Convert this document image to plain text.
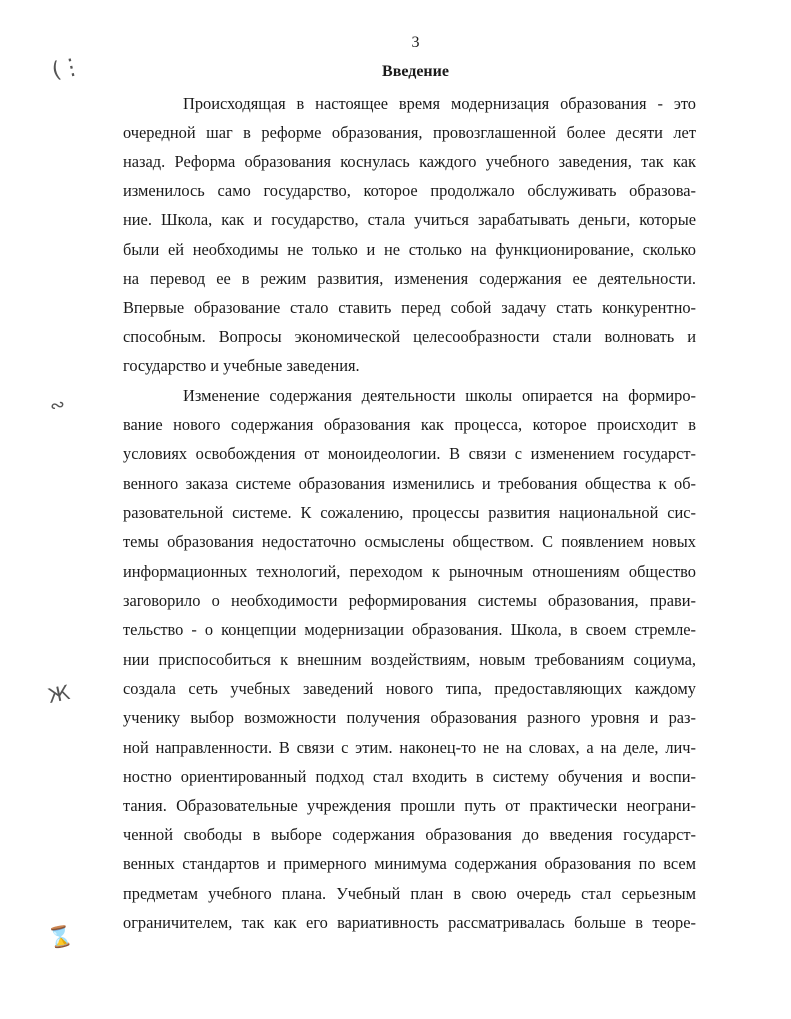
3
Введение
Происходящая в настоящее время модернизация образования - это
очередной шаг в реформе образования, провозглашенной более десяти лет
назад. Реформа образования коснулась каждого учебного заведения, так как
изменилось само государство, которое продолжало обслуживать образова-
ние. Школа, как и государство, стала учиться зарабатывать деньги, которые
были ей необходимы не только и не столько на функционирование, сколько
на перевод ее в режим развития, изменения содержания ее деятельности.
Впервые образование стало ставить перед собой задачу стать конкурентно-
способным. Вопросы экономической целесообразности стали волновать и
государство и учебные заведения.
Изменение содержания деятельности школы опирается на формиро-
вание нового содержания образования как процесса, которое происходит в
условиях освобождения от моноидеологии. В связи с изменением государст-
венного заказа системе образования изменились и требования общества к об-
разовательной системе. К сожалению, процессы развития национальной сис-
темы образования недостаточно осмыслены обществом. С появлением новых
информационных технологий, переходом к рыночным отношениям общество
заговорило о необходимости реформирования системы образования, прави-
тельство - о концепции модернизации образования. Школа, в своем стремле-
нии приспособиться к внешним воздействиям, новым требованиям социума,
создала сеть учебных заведений нового типа, предоставляющих каждому
ученику выбор возможности получения образования разного уровня и раз-
ной направленности. В связи с этим. наконец-то не на словах, а на деле, лич-
ностно ориентированный подход стал входить в систему обучения и воспи-
тания. Образовательные учреждения прошли путь от практически неограни-
ченной свободы в выборе содержания образования до введения государст-
венных стандартов и примерного минимума содержания образования по всем
предметам учебного плана. Учебный план в свою очередь стал серьезным
ограничителем, так как его вариативность рассматривалась больше в теоре-
(⋮
∾
Ж
⌛
